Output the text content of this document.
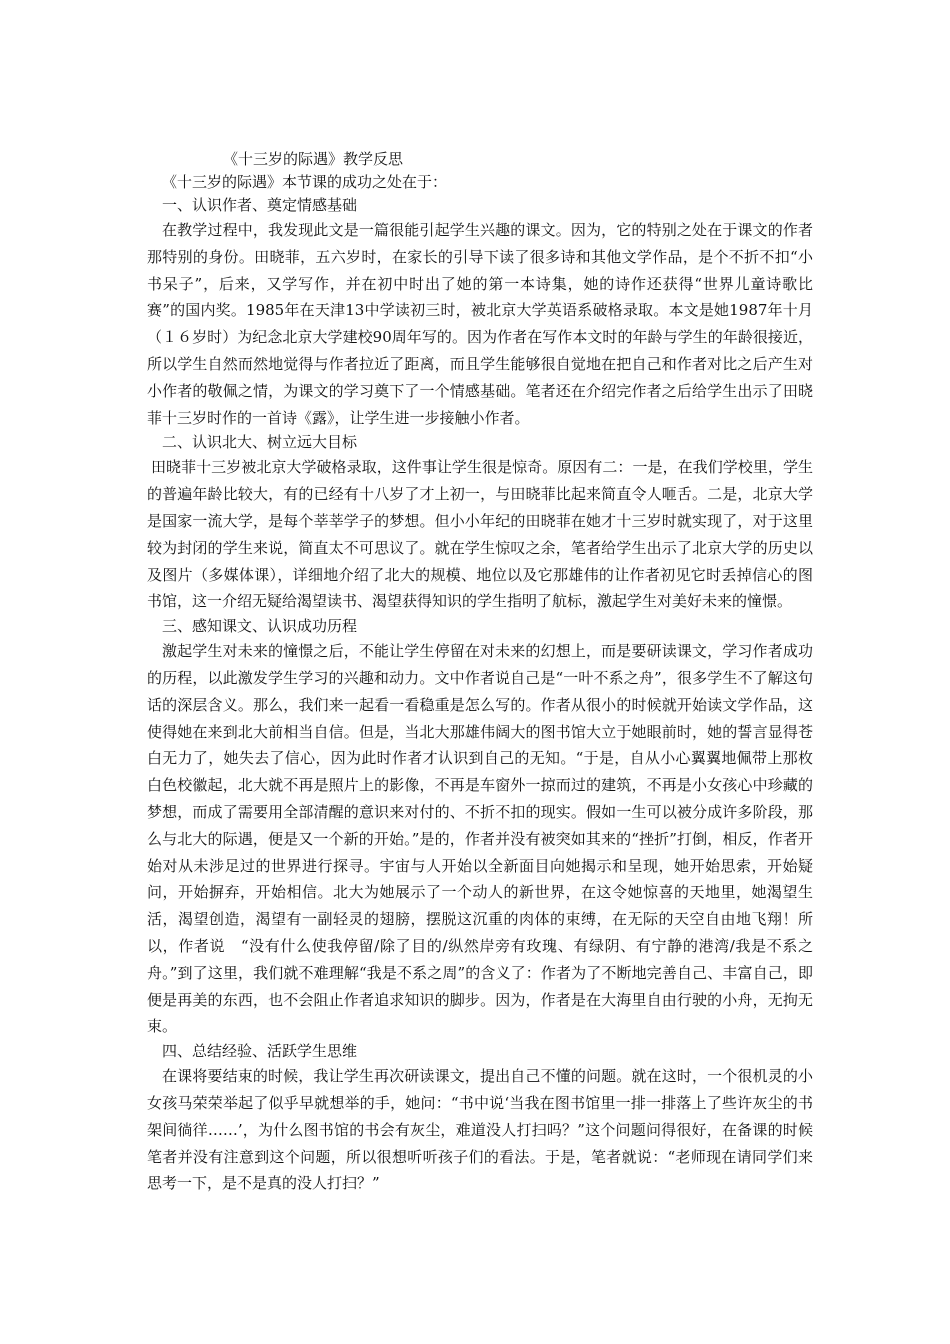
《十三岁的际遇》教学反思

《十三岁的际遇》本节课的成功之处在于：

一、认识作者、奠定情感基础

在教学过程中，我发现此文是一篇很能引起学生兴趣的课文。因为，它的特别之处在于课文的作者那特别的身份。田晓菲，五六岁时，在家长的引导下读了很多诗和其他文学作品，是个不折不扣“小书呆子”，后来，又学写作，并在初中时出了她的第一本诗集，她的诗作还获得“世界儿童诗歌比赛”的国内奖。1985年在天津13中学读初三时，被北京大学英语系破格录取。本文是她1987年十月（１６岁时）为纪念北京大学建校90周年写的。因为作者在写作本文时的年龄与学生的年龄很接近，所以学生自然而然地觉得与作者拉近了距离，而且学生能够很自觉地在把自己和作者对比之后产生对小作者的敬佩之情，为课文的学习奠下了一个情感基础。笔者还在介绍完作者之后给学生出示了田晓菲十三岁时作的一首诗《露》，让学生进一步接触小作者。

二、认识北大、树立远大目标

田晓菲十三岁被北京大学破格录取，这件事让学生很是惊奇。原因有二：一是，在我们学校里，学生的普遍年龄比较大，有的已经有十八岁了才上初一，与田晓菲比起来简直令人咂舌。二是，北京大学是国家一流大学，是每个莘莘学子的梦想。但小小年纪的田晓菲在她才十三岁时就实现了，对于这里较为封闭的学生来说，简直太不可思议了。就在学生惊叹之余，笔者给学生出示了北京大学的历史以及图片（多媒体课），详细地介绍了北大的规模、地位以及它那雄伟的让作者初见它时丢掉信心的图书馆，这一介绍无疑给渴望读书、渴望获得知识的学生指明了航标，激起学生对美好未来的憧憬。

三、感知课文、认识成功历程

激起学生对未来的憧憬之后，不能让学生停留在对未来的幻想上，而是要研读课文，学习作者成功的历程，以此激发学生学习的兴趣和动力。文中作者说自己是“一叶不系之舟”，很多学生不了解这句话的深层含义。那么，我们来一起看一看稳重是怎么写的。作者从很小的时候就开始读文学作品，这使得她在来到北大前相当自信。但是，当北大那雄伟阔大的图书馆大立于她眼前时，她的誓言显得苍白无力了，她失去了信心，因为此时作者才认识到自己的无知。“于是，自从小心翼翼地佩带上那枚白色校徽起，北大就不再是照片上的影像，不再是车窗外一掠而过的建筑，不再是小女孩心中珍藏的梦想，而成了需要用全部清醒的意识来对付的、不折不扣的现实。假如一生可以被分成许多阶段，那么与北大的际遇，便是又一个新的开始。”是的，作者并没有被突如其来的“挫折”打倒，相反，作者开始对从未涉足过的世界进行探寻。宇宙与人开始以全新面目向她揭示和呈现，她开始思索，开始疑问，开始摒弃，开始相信。北大为她展示了一个动人的新世界，在这令她惊喜的天地里，她渴望生活，渴望创造，渴望有一副轻灵的翅膀，摆脱这沉重的肉体的束缚，在无际的天空自由地飞翔！所以，作者说　“没有什么使我停留/除了目的/纵然岸旁有玫瑰、有绿阴、有宁静的港湾/我是不系之舟。”到了这里，我们就不难理解“我是不系之周”的含义了：作者为了不断地完善自己、丰富自己，即便是再美的东西，也不会阻止作者追求知识的脚步。因为，作者是在大海里自由行驶的小舟，无拘无束。

四、总结经验、活跃学生思维

在课将要结束的时候，我让学生再次研读课文，提出自己不懂的问题。就在这时，一个很机灵的小女孩马荣荣举起了似乎早就想举的手，她问：“书中说‘当我在图书馆里一排一排落上了些许灰尘的书架间徜徉……’，为什么图书馆的书会有灰尘，难道没人打扫吗？”这个问题问得很好，在备课的时候笔者并没有注意到这个问题，所以很想听听孩子们的看法。于是，笔者就说：“老师现在请同学们来思考一下，是不是真的没人打扫？”
